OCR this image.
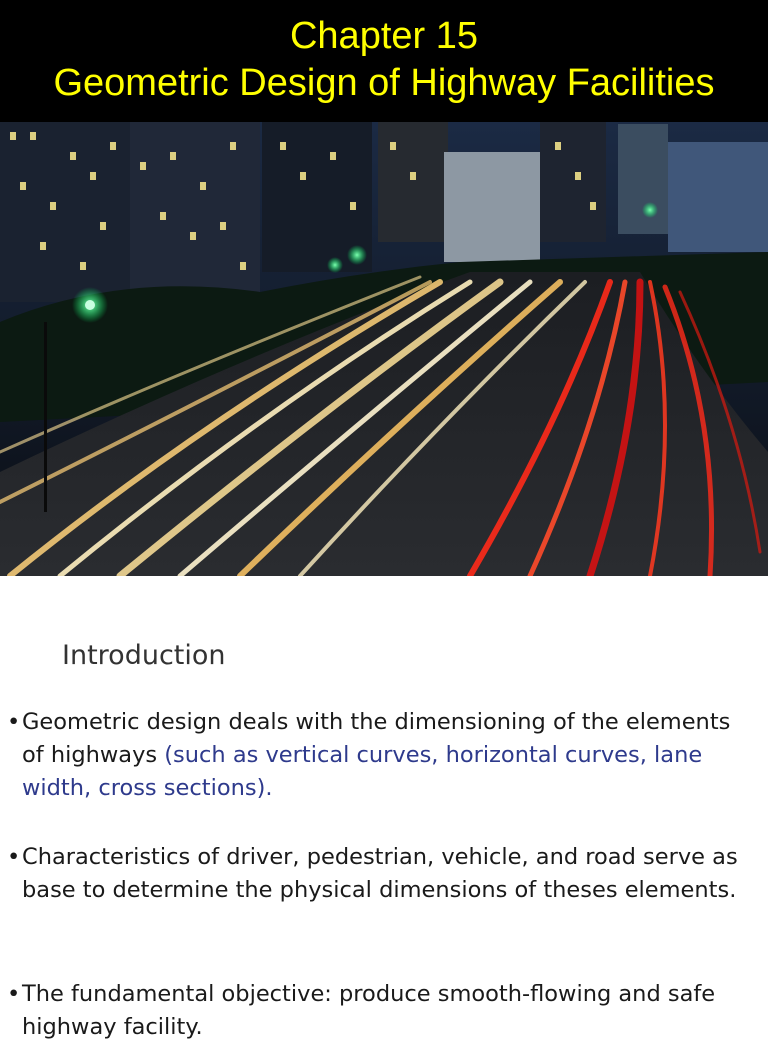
Chapter 15
Geometric Design of Highway Facilities
Introduction
• Geometric design deals with the dimensioning of the elements of highways (such as vertical curves, horizontal curves, lane width, cross sections).
• Characteristics of driver, pedestrian, vehicle, and road serve as base to determine the physical dimensions of theses elements.
• The fundamental objective: produce smooth-flowing and safe highway facility.
